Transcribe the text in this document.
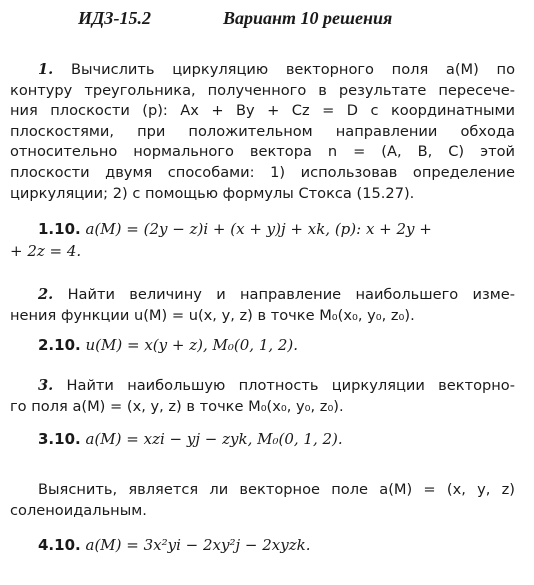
ИДЗ-15.2	Вариант 10 решения
1. Вычислить циркуляцию векторного поля a(M) по
контуру треугольника, полученного в результате пересече-
ния плоскости (p): Ax + By + Cz = D с координатными
плоскостями, при положительном направлении обхода
относительно нормального вектора n = (A, B, C) этой
плоскости двумя способами: 1) использовав определение
циркуляции; 2) с помощью формулы Стокса (15.27).
1.10. a(M) = (2y − z)i + (x + y)j + xk, (p): x + 2y +
+ 2z = 4.
2. Найти величину и направление наибольшего изме-
нения функции u(M) = u(x, y, z) в точке M₀(x₀, y₀, z₀).
2.10. u(M) = x(y + z), M₀(0, 1, 2).
3. Найти наибольшую плотность циркуляции векторно-
го поля a(M) = (x, y, z) в точке M₀(x₀, y₀, z₀).
3.10. a(M) = xzi − yj − zyk, M₀(0, 1, 2).
Выяснить, является ли векторное поле a(M) = (x, y, z)
соленоидальным.
4.10. a(M) = 3x²yi − 2xy²j − 2xyzk.
